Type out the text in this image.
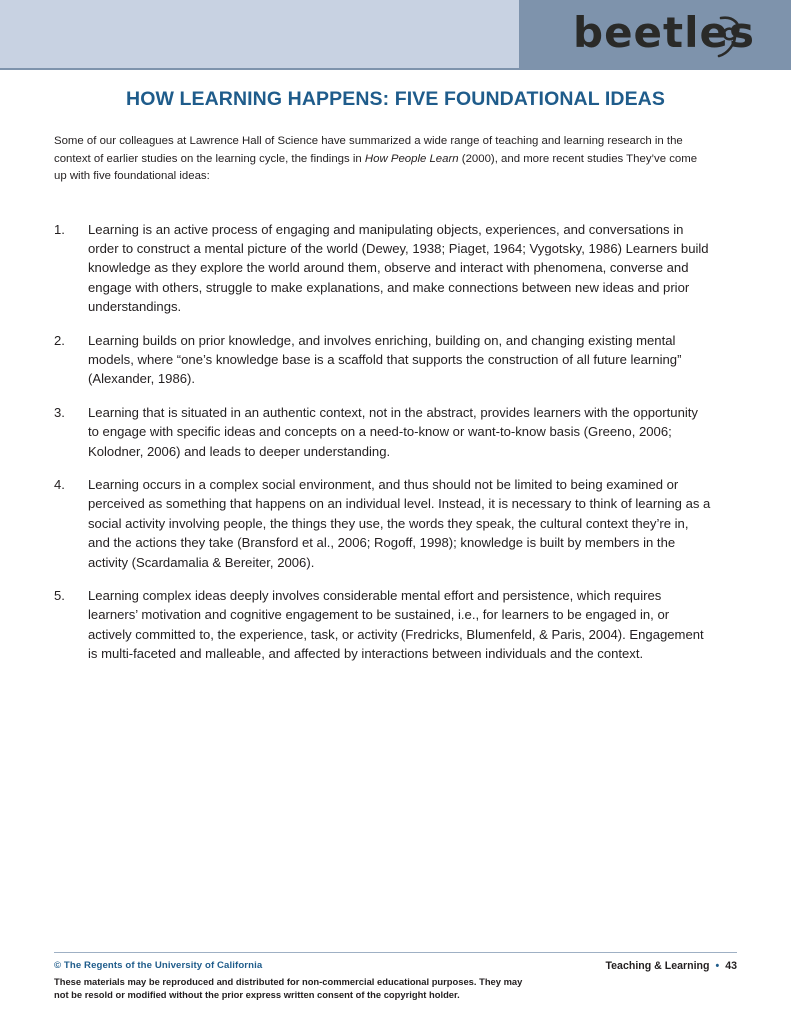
beetles
HOW LEARNING HAPPENS: FIVE FOUNDATIONAL IDEAS

Some of our colleagues at Lawrence Hall of Science have summarized a wide range of teaching and learning research in the context of earlier studies on the learning cycle, the findings in How People Learn (2000), and more recent studies They’ve come up with five foundational ideas:

Learning is an active process of engaging and manipulating objects, experiences, and conversations in order to construct a mental picture of the world (Dewey, 1938; Piaget, 1964; Vygotsky, 1986) Learners build knowledge as they explore the world around them, observe and interact with phenomena, converse and engage with others, struggle to make explanations, and make connections between new ideas and prior understandings.
Learning builds on prior knowledge, and involves enriching, building on, and changing existing mental models, where “one’s knowledge base is a scaffold that supports the construction of all future learning” (Alexander, 1986).
Learning that is situated in an authentic context, not in the abstract, provides learners with the opportunity to engage with specific ideas and concepts on a need-to-know or want-to-know basis (Greeno, 2006; Kolodner, 2006) and leads to deeper understanding.
Learning occurs in a complex social environment, and thus should not be limited to being examined or perceived as something that happens on an individual level. Instead, it is necessary to think of learning as a social activity involving people, the things they use, the words they speak, the cultural context they’re in, and the actions they take (Bransford et al., 2006; Rogoff, 1998); knowledge is built by members in the activity (Scardamalia & Bereiter, 2006).
Learning complex ideas deeply involves considerable mental effort and persistence, which requires learners’ motivation and cognitive engagement to be sustained, i.e., for learners to be engaged in, or actively committed to, the experience, task, or activity (Fredricks, Blumenfeld, & Paris, 2004). Engagement is multi-faceted and malleable, and affected by interactions between individuals and the context.
© The Regents of the University of California
These materials may be reproduced and distributed for non-commercial educational purposes. They may not be resold or modified without the prior express written consent of the copyright holder.
Teaching & Learning • 43
